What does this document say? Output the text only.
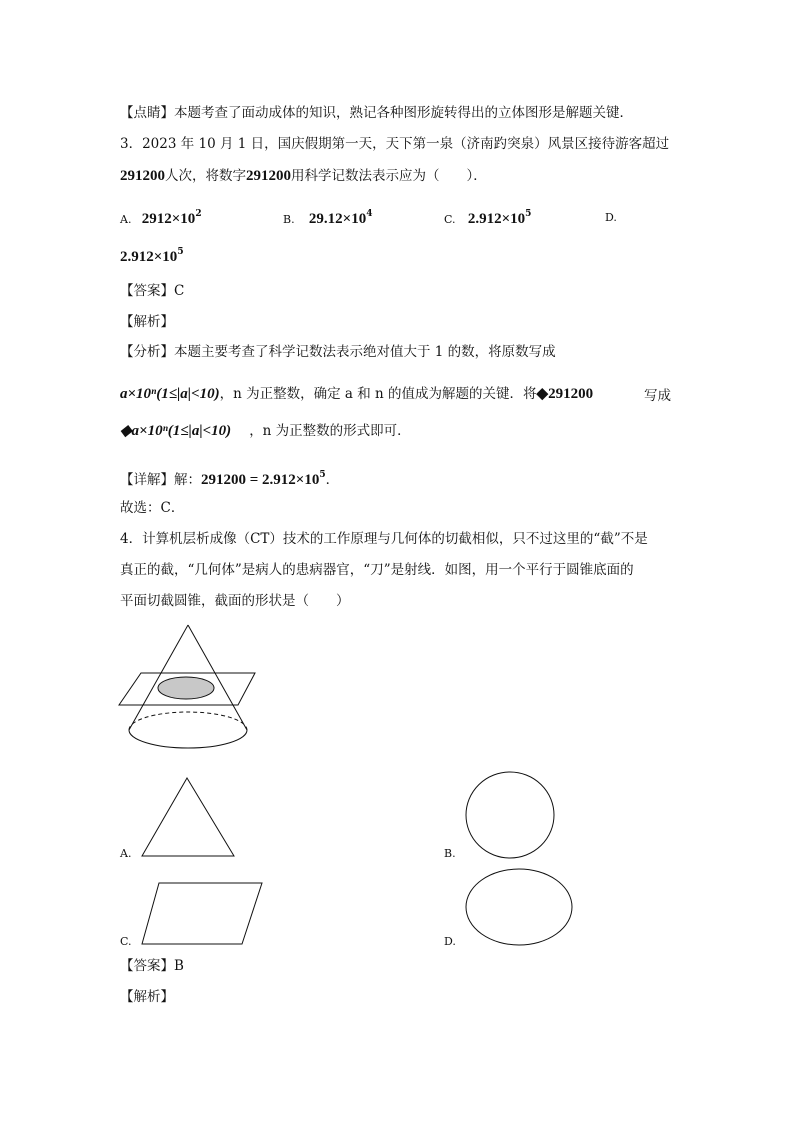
【点睛】本题考查了面动成体的知识，熟记各种图形旋转得出的立体图形是解题关键．
3．2023 年 10 月 1 日，国庆假期第一天，天下第一泉（济南趵突泉）风景区接待游客超过
291200人次，将数字291200用科学记数法表示应为（　　）．
A. $2912\times 10^2$	B. $29.12\times 10^4$	C. $2.912\times 10^5$	D.
$2.912\times 10^5$
【答案】C
【解析】
【分析】本题主要考查了科学记数法表示绝对值大于 1 的数，将原数写成
a×10ⁿ(1≤|a|<10)，n 为正整数，确定 a 和 n 的值成为解题的关键．将◆291200	写成
◆a×10ⁿ(1≤|a|<10) ，n 为正整数的形式即可．
【详解】解：$291200 = 2.912\times 10^5$．
故选：C．
4．计算机层析成像（CT）技术的工作原理与几何体的切截相似，只不过这里的“截”不是
真正的截，“几何体”是病人的患病器官，“刀”是射线．如图，用一个平行于圆锥底面的
平面切截圆锥，截面的形状是（　　）
A.	B.
C.	D.
【答案】B
【解析】
